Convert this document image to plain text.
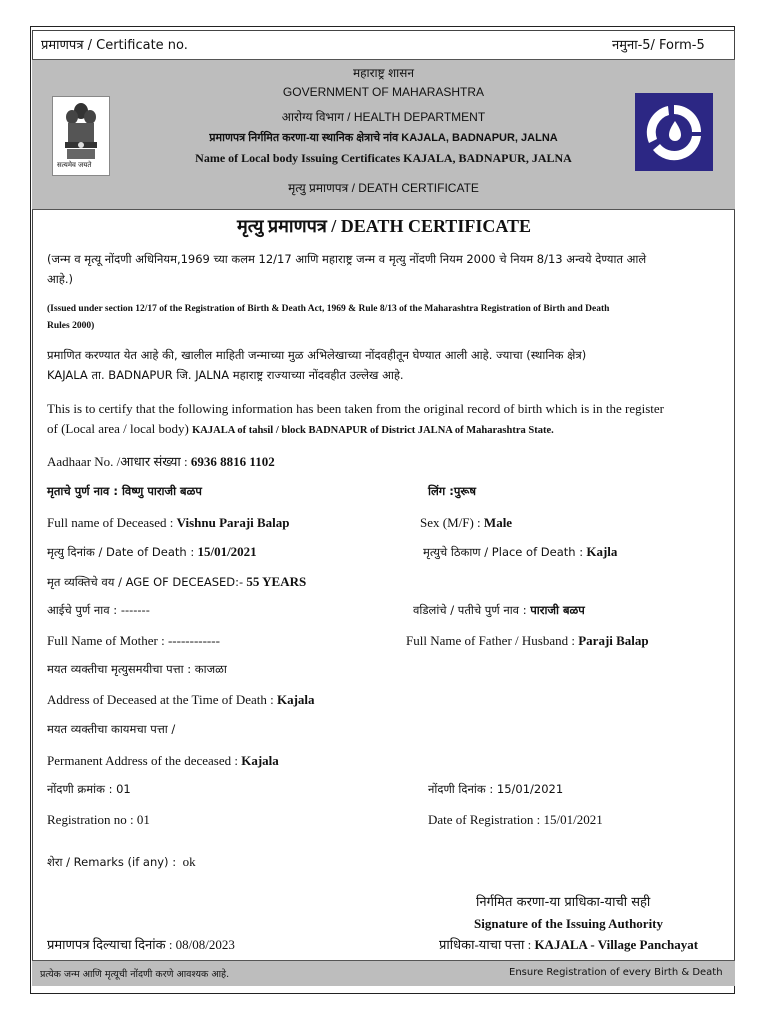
प्रमाणपत्र / Certificate no.	नमुना-5/ Form-5
महाराष्ट्र शासन
GOVERNMENT OF MAHARASHTRA
आरोग्य विभाग / HEALTH DEPARTMENT
प्रमाणपत्र निर्गमित करणा-या स्थानिक क्षेत्राचे नांव KAJALA, BADNAPUR, JALNA
Name of Local body Issuing Certificates KAJALA, BADNAPUR, JALNA
मृत्यु प्रमाणपत्र / DEATH CERTIFICATE
सत्यमेव जयते
मृत्यु प्रमाणपत्र / DEATH CERTIFICATE
(जन्म व मृत्यू नोंदणी अधिनियम,1969 च्या कलम 12/17 आणि महाराष्ट्र जन्म व मृत्यु नोंदणी नियम 2000 चे नियम 8/13 अन्वये देण्यात आले
आहे.)
(Issued under section 12/17 of the Registration of Birth & Death Act, 1969 & Rule 8/13 of the Maharashtra Registration of Birth and Death
Rules 2000)
प्रमाणित करण्यात येत आहे की, खालील माहिती जन्माच्या मुळ अभिलेखाच्या नोंदवहीतून घेण्यात आली आहे. ज्याचा (स्थानिक क्षेत्र)
KAJALA ता. BADNAPUR जि. JALNA महाराष्ट्र राज्याच्या नोंदवहीत उल्लेख आहे.
This is to certify that the following information has been taken from the original record of birth which is in the register
of (Local area / local body) KAJALA of tahsil / block BADNAPUR of District JALNA of Maharashtra State.
Aadhaar No. /आधार संख्या : 6936 8816 1102
मृताचे पुर्ण नाव : विष्णु पाराजी बळप	लिंग :पुरूष
Full name of Deceased : Vishnu Paraji Balap	Sex (M/F) : Male
मृत्यु दिनांक / Date of Death : 15/01/2021	मृत्युचे ठिकाण / Place of Death : Kajla
मृत व्यक्तिचे वय / AGE OF DECEASED:- 55 YEARS
आईचे पुर्ण नाव : -------	वडिलांचे / पतीचे पुर्ण नाव : पाराजी बळप
Full Name of Mother : ------------	Full Name of Father / Husband : Paraji Balap
मयत व्यक्तीचा मृत्युसमयीचा पत्ता : काजळा
Address of Deceased at the Time of Death : Kajala
मयत व्यक्तीचा कायमचा पत्ता /
Permanent Address of the deceased : Kajala
नोंदणी क्रमांक : 01	नोंदणी दिनांक : 15/01/2021
Registration no : 01	Date of Registration : 15/01/2021
शेरा / Remarks (if any) : ok
निर्गमित करणा-या प्राधिका-याची सही
Signature of the Issuing Authority
प्रमाणपत्र दिल्याचा दिनांक : 08/08/2023	प्राधिका-याचा पत्ता : KAJALA - Village Panchayat
प्रत्येक जन्म आणि मृत्यूची नोंदणी करणे आवश्यक आहे.	Ensure Registration of every Birth & Death
